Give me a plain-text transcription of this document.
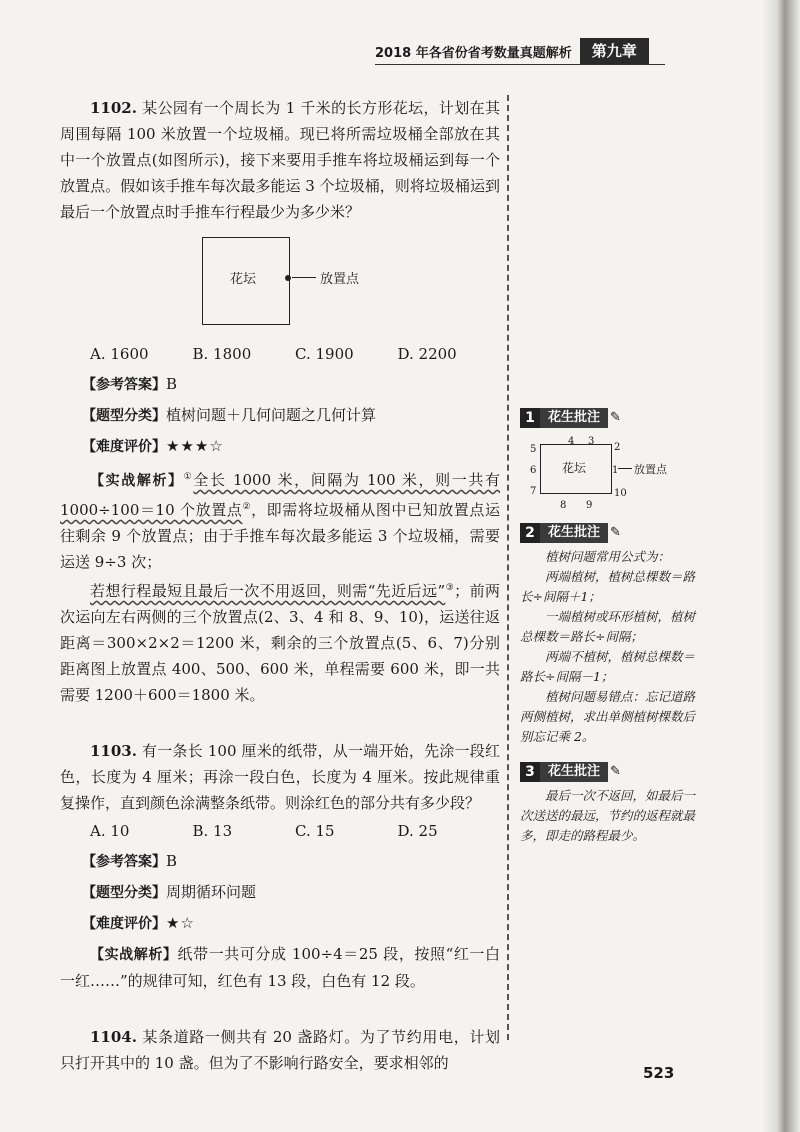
2018 年各省份省考数量真题解析	第九章

1102. 某公园有一个周长为 1 千米的长方形花坛，计划在其周围每隔 100 米放置一个垃圾桶。现已将所需垃圾桶全部放在其中一个放置点(如图所示)，接下来要用手推车将垃圾桶运到每一个放置点。假如该手推车每次最多能运 3 个垃圾桶，则将垃圾桶运到最后一个放置点时手推车行程最少为多少米？

花坛	放置点
A. 1600	B. 1800	C. 1900	D. 2200
【参考答案】B
【题型分类】植树问题＋几何问题之几何计算
【难度评价】★★★☆

【实战解析】①全长 1000 米，间隔为 100 米，则一共有 1000÷100＝10 个放置点②，即需将垃圾桶从图中已知放置点运往剩余 9 个放置点；由于手推车每次最多能运 3 个垃圾桶，需要运送 9÷3 次；

若想行程最短且最后一次不用返回，则需“先近后远”③；前两次运向左右两侧的三个放置点(2、3、4 和 8、9、10)，运送往返距离＝300×2×2＝1200 米，剩余的三个放置点(5、6、7)分别距离图上放置点 400、500、600 米，单程需要 600 米，即一共需要 1200＋600＝1800 米。

1103. 有一条长 100 厘米的纸带，从一端开始，先涂一段红色，长度为 4 厘米；再涂一段白色，长度为 4 厘米。按此规律重复操作，直到颜色涂满整条纸带。则涂红色的部分共有多少段？

A. 10	B. 13	C. 15	D. 25
【参考答案】B
【题型分类】周期循环问题
【难度评价】★☆

【实战解析】纸带一共可分成 100÷4＝25 段，按照“红一白一红……”的规律可知，红色有 13 段，白色有 12 段。

1104. 某条道路一侧共有 20 盏路灯。为了节约用电，计划只打开其中的 10 盏。但为了不影响行路安全，要求相邻的

1	花生批注 ✎
花坛
4 3
2
1
10
5
6
7
8 9
放置点
2	花生批注 ✎

植树问题常用公式为：

两端植树，植树总棵数＝路长÷间隔＋1；

一端植树或环形植树，植树总棵数＝路长÷间隔；

两端不植树，植树总棵数＝路长÷间隔－1；

植树问题易错点：忘记道路两侧植树，求出单侧植树棵数后别忘记乘 2。

3	花生批注 ✎

最后一次不返回，如最后一次送送的最远，节约的返程就最多，即走的路程最少。

523
